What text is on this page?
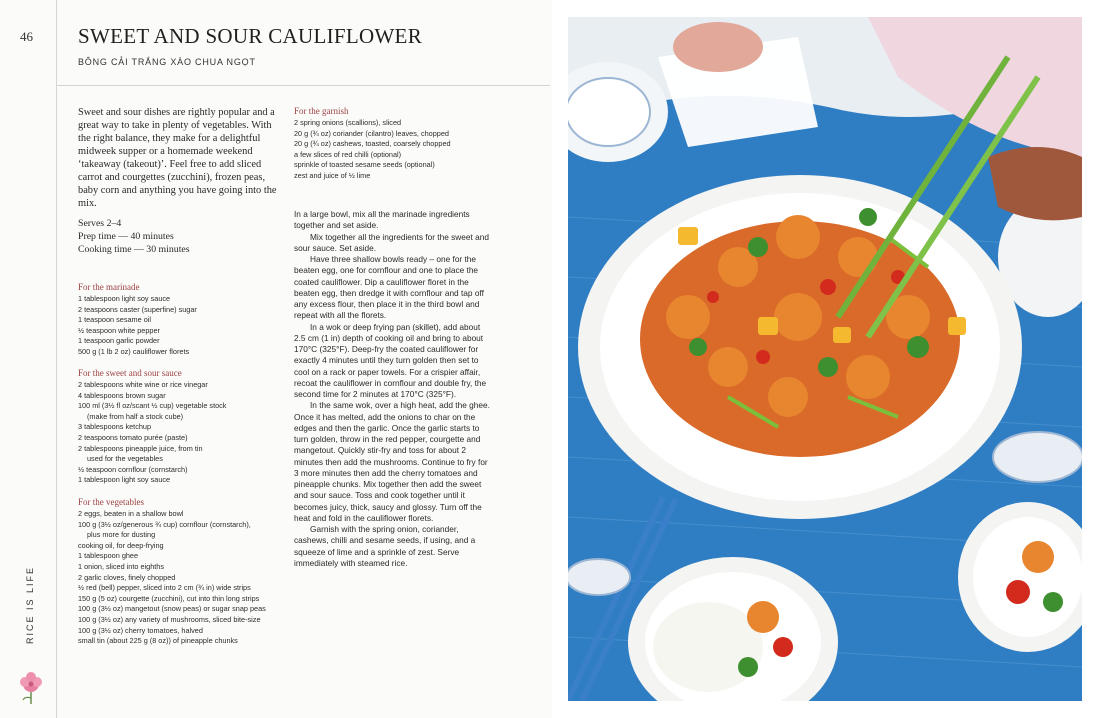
46 SWEET AND SOUR CAULIFLOWER
BÔNG CẢI TRẮNG XÀO CHUA NGỌT
Sweet and sour dishes are rightly popular and a great way to take in plenty of vegetables. With the right balance, they make for a delightful midweek supper or a homemade weekend ‘takeaway (takeout)’. Feel free to add sliced carrot and courgettes (zucchini), frozen peas, baby corn and anything you have going into the mix.
Serves 2–4
Prep time — 40 minutes
Cooking time — 30 minutes
For the marinade
1 tablespoon light soy sauce
2 teaspoons caster (superfine) sugar
1 teaspoon sesame oil
½ teaspoon white pepper
1 teaspoon garlic powder
500 g (1 lb 2 oz) cauliflower florets
For the sweet and sour sauce
2 tablespoons white wine or rice vinegar
4 tablespoons brown sugar
100 ml (3½ fl oz/scant ½ cup) vegetable stock
(make from half a stock cube)
3 tablespoons ketchup
2 teaspoons tomato purée (paste)
2 tablespoons pineapple juice, from tin
used for the vegetables
½ teaspoon cornflour (cornstarch)
1 tablespoon light soy sauce
For the vegetables
2 eggs, beaten in a shallow bowl
100 g (3½ oz/generous ¾ cup) cornflour (cornstarch),
plus more for dusting
cooking oil, for deep-frying
1 tablespoon ghee
1 onion, sliced into eighths
2 garlic cloves, finely chopped
½ red (bell) pepper, sliced into 2 cm (¾ in) wide strips
150 g (5 oz) courgette (zucchini), cut into thin long strips
100 g (3½ oz) mangetout (snow peas) or sugar snap peas
100 g (3½ oz) any variety of mushrooms, sliced bite-size
100 g (3½ oz) cherry tomatoes, halved
small tin (about 225 g (8 oz)) of pineapple chunks
For the garnish
2 spring onions (scallions), sliced
20 g (¾ oz) coriander (cilantro) leaves, chopped
20 g (¾ oz) cashews, toasted, coarsely chopped
a few slices of red chilli (optional)
sprinkle of toasted sesame seeds (optional)
zest and juice of ½ lime

In a large bowl, mix all the marinade ingredients together and set aside.

Mix together all the ingredients for the sweet and sour sauce. Set aside.

Have three shallow bowls ready – one for the beaten egg, one for cornflour and one to place the coated cauliflower. Dip a cauliflower floret in the beaten egg, then dredge it with cornflour and tap off any excess flour, then place it in the third bowl and repeat with all the florets.

In a wok or deep frying pan (skillet), add about 2.5 cm (1 in) depth of cooking oil and bring to about 170°C (325°F). Deep-fry the coated cauliflower for exactly 4 minutes until they turn golden then set to cool on a rack or paper towels. For a crispier affair, recoat the cauliflower in cornflour and double fry, the second time for 2 minutes at 170°C (325°F).

In the same wok, over a high heat, add the ghee. Once it has melted, add the onions to char on the edges and then the garlic. Once the garlic starts to turn golden, throw in the red pepper, courgette and mangetout. Quickly stir-fry and toss for about 2 minutes then add the mushrooms. Continue to fry for 3 more minutes then add the cherry tomatoes and pineapple chunks. Mix together then add the sweet and sour sauce. Toss and cook together until it becomes juicy, thick, saucy and glossy. Turn off the heat and fold in the cauliflower florets.

Garnish with the spring onion, coriander, cashews, chilli and sesame seeds, if using, and a squeeze of lime and a sprinkle of zest. Serve immediately with steamed rice.

RICE IS LIFE
